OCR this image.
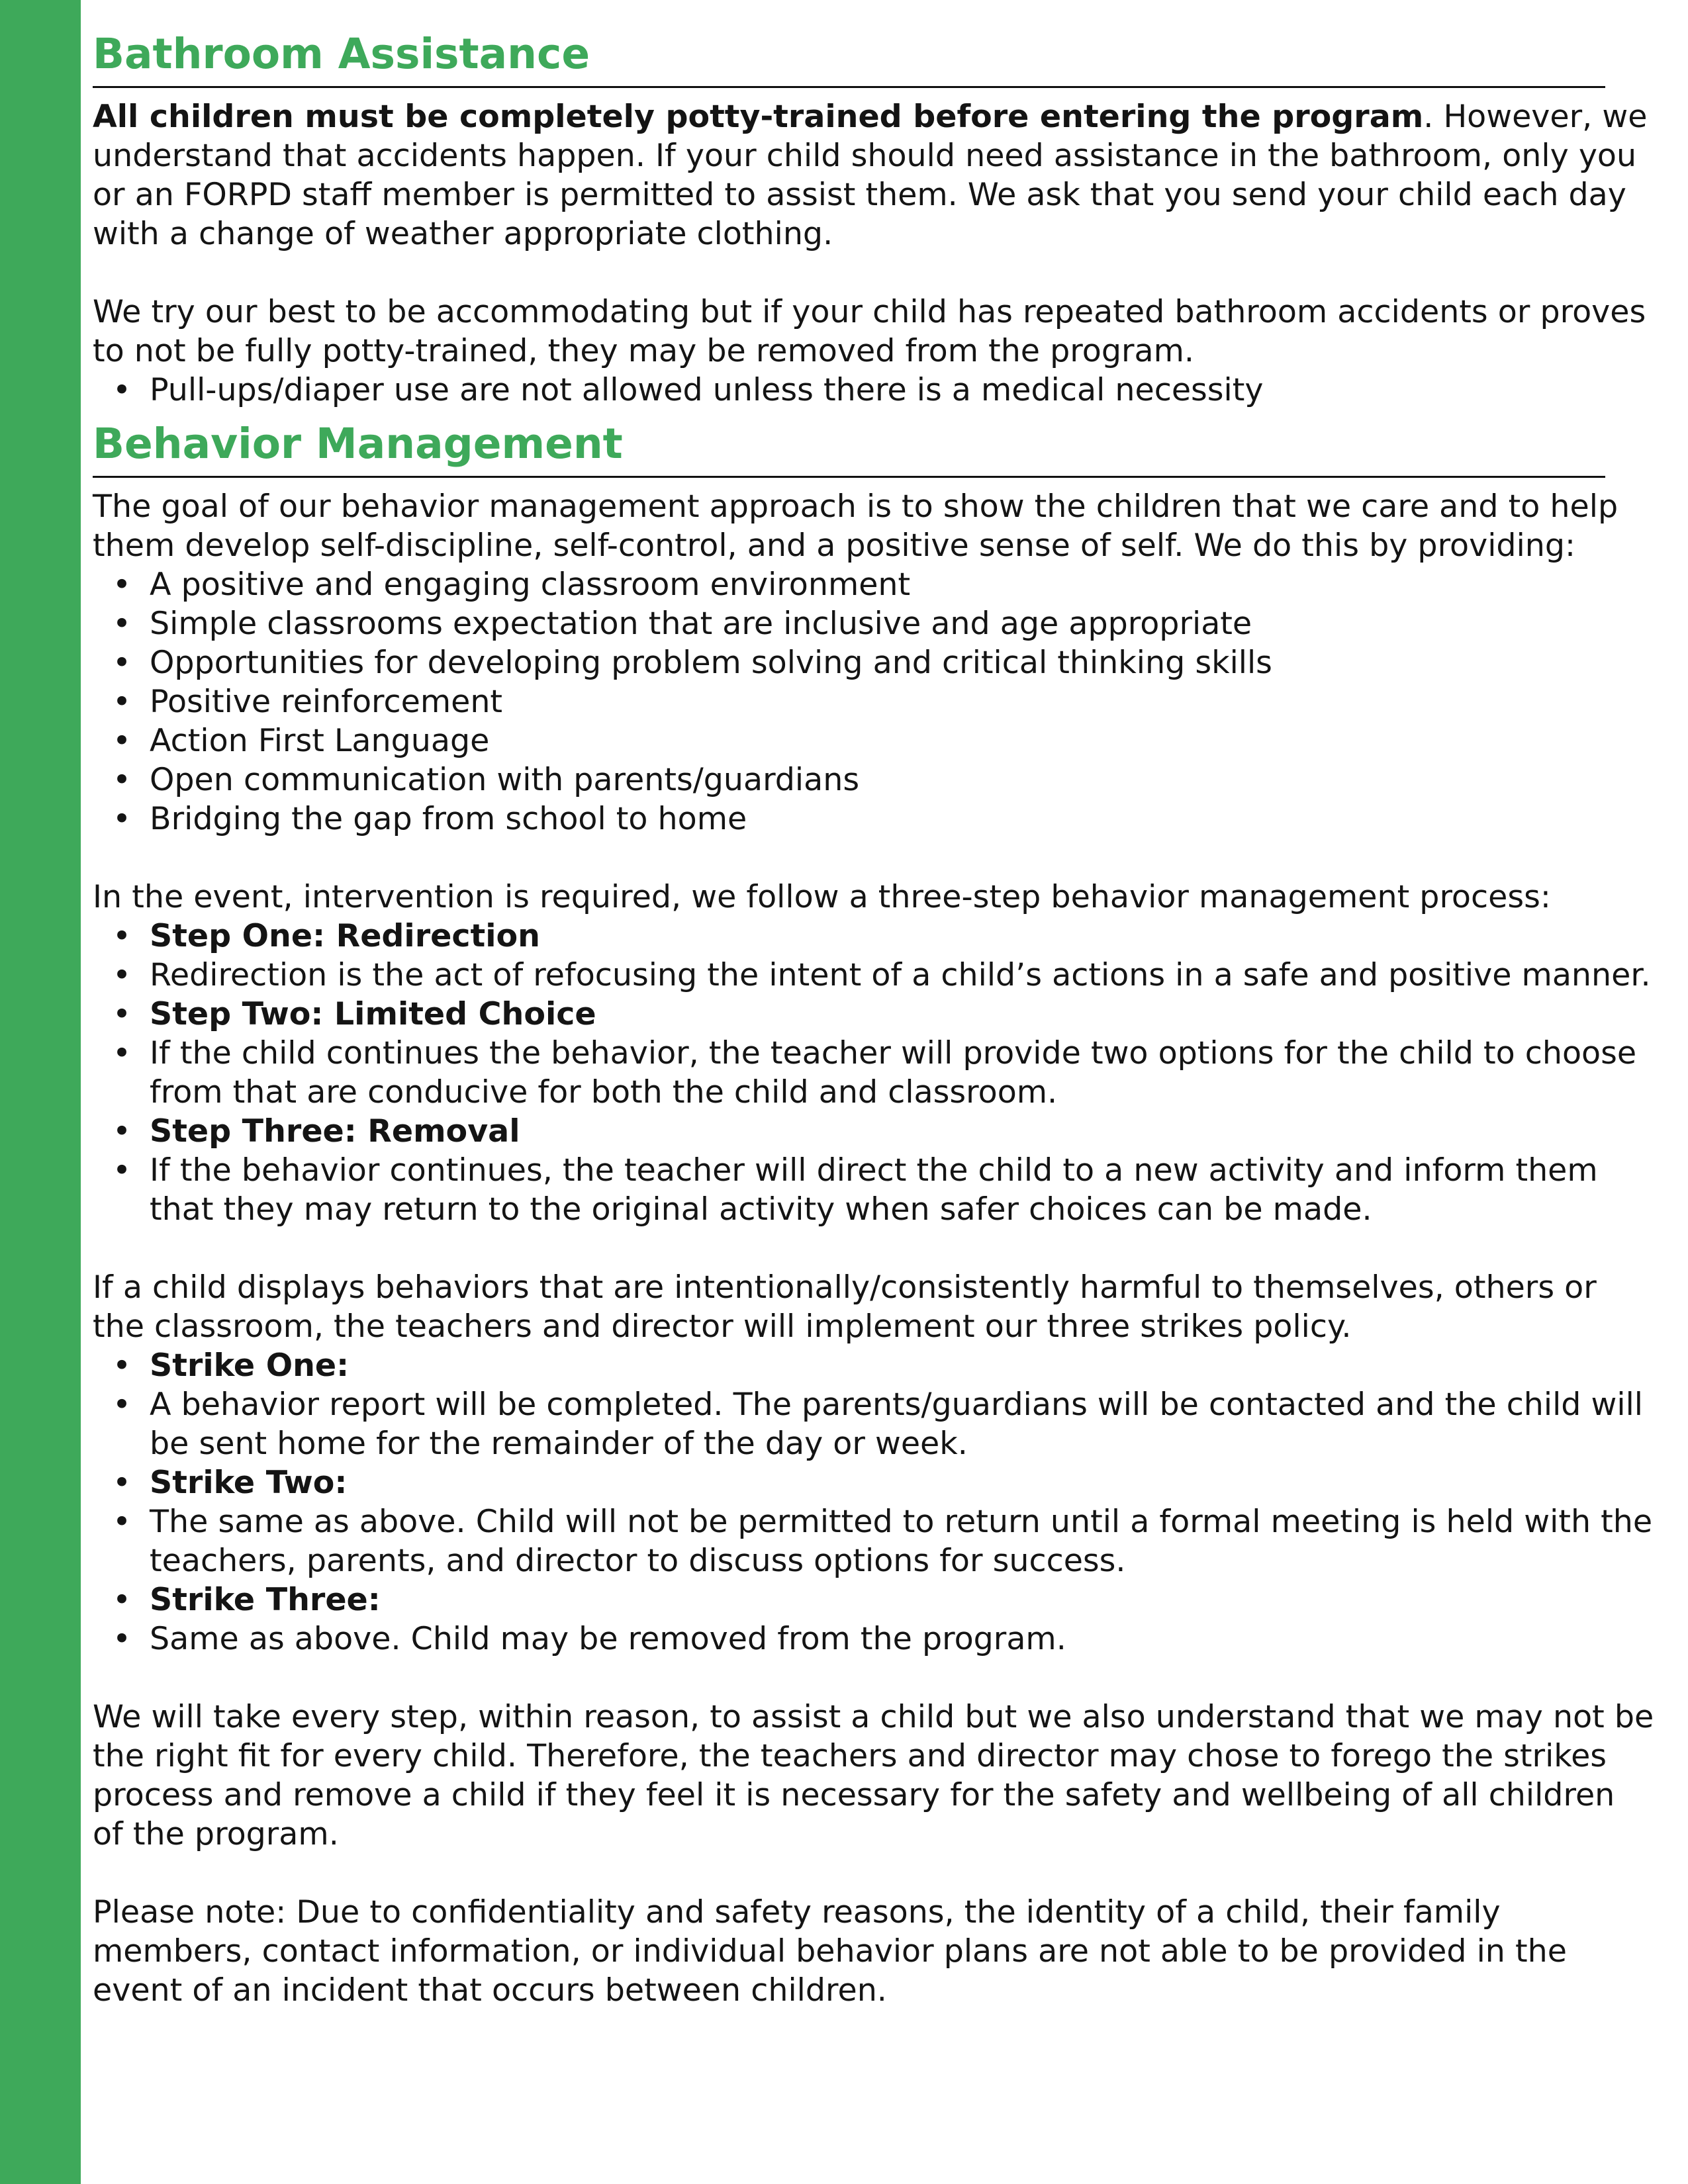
Bathroom Assistance

All children must be completely potty-trained before entering the program. However, we understand that accidents happen. If your child should need assistance in the bathroom, only you or an FORPD staff member is permitted to assist them. We ask that you send your child each day with a change of weather appropriate clothing.

We try our best to be accommodating but if your child has repeated bathroom accidents or proves to not be fully potty-trained, they may be removed from the program.

• Pull-ups/diaper use are not allowed unless there is a medical necessity
Behavior Management

The goal of our behavior management approach is to show the children that we care and to help them develop self-discipline, self-control, and a positive sense of self. We do this by providing:

• A positive and engaging classroom environment
• Simple classrooms expectation that are inclusive and age appropriate
• Opportunities for developing problem solving and critical thinking skills
• Positive reinforcement
• Action First Language
• Open communication with parents/guardians
• Bridging the gap from school to home

In the event, intervention is required, we follow a three-step behavior management process:

• Step One: Redirection
• Redirection is the act of refocusing the intent of a child’s actions in a safe and positive manner.
• Step Two: Limited Choice
• If the child continues the behavior, the teacher will provide two options for the child to choose from that are conducive for both the child and classroom.
• Step Three: Removal
• If the behavior continues, the teacher will direct the child to a new activity and inform them that they may return to the original activity when safer choices can be made.

If a child displays behaviors that are intentionally/consistently harmful to themselves, others or the classroom, the teachers and director will implement our three strikes policy.

• Strike One:
• A behavior report will be completed. The parents/guardians will be contacted and the child will be sent home for the remainder of the day or week.
• Strike Two:
• The same as above. Child will not be permitted to return until a formal meeting is held with the teachers, parents, and director to discuss options for success.
• Strike Three:
• Same as above. Child may be removed from the program.

We will take every step, within reason, to assist a child but we also understand that we may not be the right fit for every child. Therefore, the teachers and director may chose to forego the strikes process and remove a child if they feel it is necessary for the safety and wellbeing of all children of the program.

Please note: Due to confidentiality and safety reasons, the identity of a child, their family members, contact information, or individual behavior plans are not able to be provided in the event of an incident that occurs between children.
